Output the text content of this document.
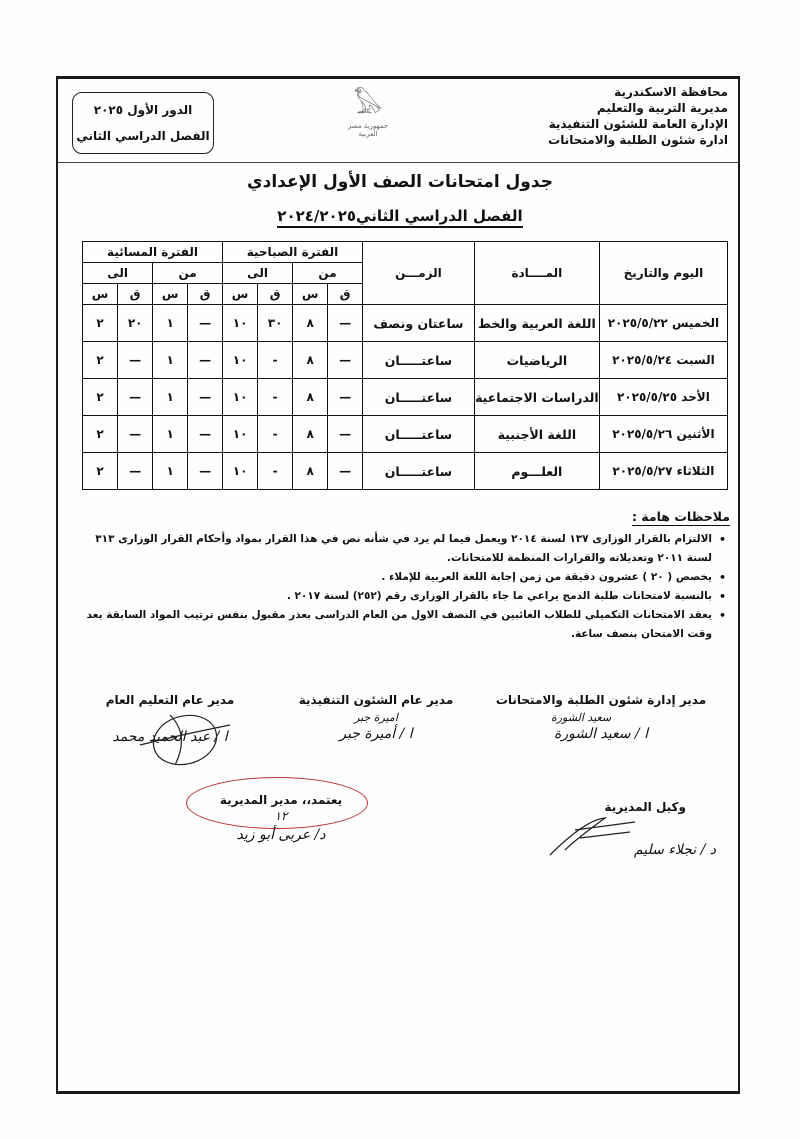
محافظة الاسكندرية
مديرية التربية والتعليم
الإدارة العامة للشئون التنفيذية
ادارة شئون الطلبة والامتحانات
𓅃
جمهورية مصر العربية
الدور الأول ٢٠٢٥
الفصل الدراسي الثاني
جدول امتحانات الصف الأول الإعدادي
الفصل الدراسي الثاني٢٠٢٤/٢٠٢٥
اليوم والتاريخ	المــــادة	الزمـــن	الفترة الصباحية				الفترة المسائية			
			من		الى		من		الى	
			ق	س	ق	س	ق	س	ق	س
الخميس ٢٠٢٥/٥/٢٢	اللغة العربية والخط	ساعتان ونصف	—	٨	٣٠	١٠	—	١	٢٠	٢
السبت ٢٠٢٥/٥/٢٤	الرياضيات	ساعتـــــان	—	٨	-	١٠	—	١	—	٢
الأحد ٢٠٢٥/٥/٢٥	الدراسات الاجتماعية	ساعتـــــان	—	٨	-	١٠	—	١	—	٢
الأثنين ٢٠٢٥/٥/٢٦	اللغة الأجنبية	ساعتـــــان	—	٨	-	١٠	—	١	—	٢
الثلاثاء ٢٠٢٥/٥/٢٧	العلـــوم	ساعتـــــان	—	٨	-	١٠	—	١	—	٢
ملاحظات هامة :
• الالتزام بالقرار الوزارى ١٣٧ لسنة ٢٠١٤ ويعمل فيما لم يرد في شأنه نص في هذا القرار بمواد وأحكام القرار الوزارى ٣١٣ لسنة ٢٠١١ وتعديلاته والقرارات المنظمة للامتحانات.
• يخصص ( ٢٠ ) عشرون دقيقة من زمن إجابة اللغة العربية للإملاء .
• بالنسبة لامتحانات طلبة الدمج يراعي ما جاء بالقرار الوزارى رقم (٢٥٢) لسنة ٢٠١٧ .
• يعقد الامتحانات التكميلي للطلاب الغائبين في النصف الاول من العام الدراسى بعذر مقبول بنفس ترتيب المواد السابقة بعد وقت الامتحان بنصف ساعة.
مدير إدارة شئون الطلبة والامتحانات
سعيد الشورة
ا / سعيد الشورة
مدير عام الشئون التنفيذية
اميرة جبر
ا / أميرة جبر
مدير عام التعليم العام
ا / عبد الحميد محمد
يعتمد،، مدير المديرية
١٢
د/ عربى أبو زيد
وكيل المديرية
د / نجلاء سليم
